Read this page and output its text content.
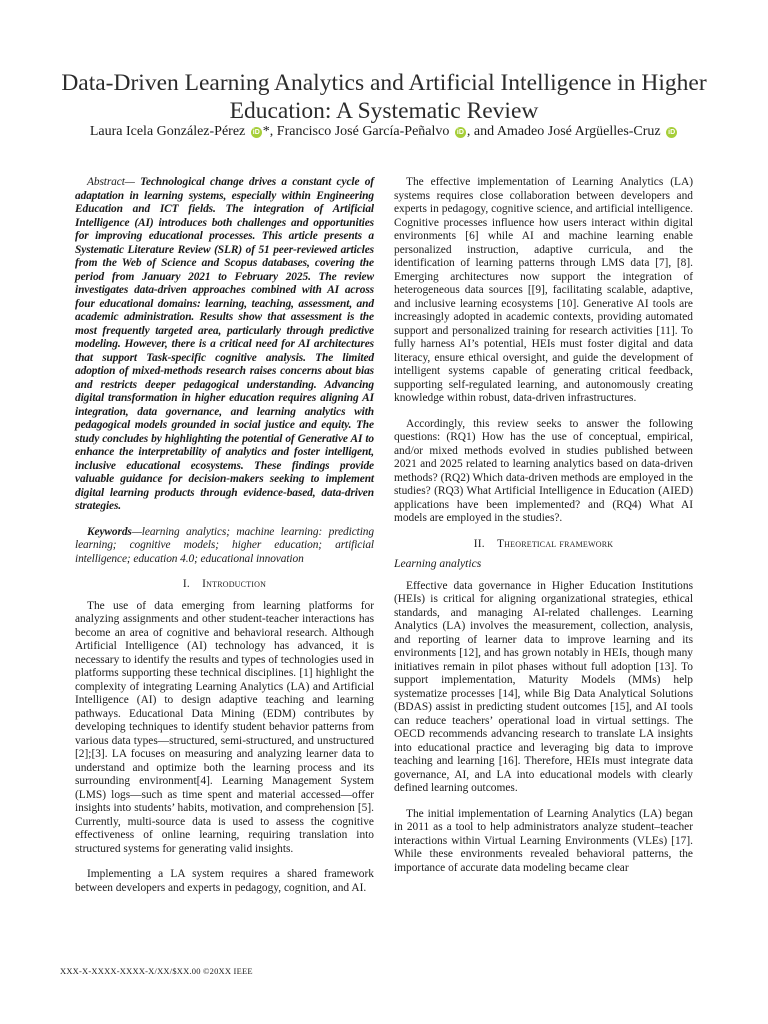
Data-Driven Learning Analytics and Artificial Intelligence in Higher
Education: A Systematic Review
Laura Icela González-Pérez iD *, Francisco José García-Peñalvo iD , and Amadeo José Argüelles-Cruz iD

Abstract— Technological change drives a constant cycle of adaptation in learning systems, especially within Engineering Education and ICT fields. The integration of Artificial Intelligence (AI) introduces both challenges and opportunities for improving educational processes. This article presents a Systematic Literature Review (SLR) of 51 peer-reviewed articles from the Web of Science and Scopus databases, covering the period from January 2021 to February 2025. The review investigates data-driven approaches combined with AI across four educational domains: learning, teaching, assessment, and academic administration. Results show that assessment is the most frequently targeted area, particularly through predictive modeling. However, there is a critical need for AI architectures that support Task-specific cognitive analysis. The limited adoption of mixed-methods research raises concerns about bias and restricts deeper pedagogical understanding. Advancing digital transformation in higher education requires aligning AI integration, data governance, and learning analytics with pedagogical models grounded in social justice and equity. The study concludes by highlighting the potential of Generative AI to enhance the interpretability of analytics and foster intelligent, inclusive educational ecosystems. These findings provide valuable guidance for decision-makers seeking to implement digital learning products through evidence-based, data-driven strategies.

Keywords—learning analytics; machine learning: predicting learning; cognitive models; higher education; artificial intelligence; education 4.0; educational innovation

I. Introduction

The use of data emerging from learning platforms for analyzing assignments and other student-teacher interactions has become an area of cognitive and behavioral research. Although Artificial Intelligence (AI) technology has advanced, it is necessary to identify the results and types of technologies used in platforms supporting these technical disciplines. [1] highlight the complexity of integrating Learning Analytics (LA) and Artificial Intelligence (AI) to design adaptive teaching and learning pathways. Educational Data Mining (EDM) contributes by developing techniques to identify student behavior patterns from various data types—structured, semi-structured, and unstructured [2];[3]. LA focuses on measuring and analyzing learner data to understand and optimize both the learning process and its surrounding environment[4]. Learning Management System (LMS) logs—such as time spent and material accessed—offer insights into students’ habits, motivation, and comprehension [5]. Currently, multi-source data is used to assess the cognitive effectiveness of online learning, requiring translation into structured systems for generating valid insights.

Implementing a LA system requires a shared framework between developers and experts in pedagogy, cognition, and AI.

The effective implementation of Learning Analytics (LA) systems requires close collaboration between developers and experts in pedagogy, cognitive science, and artificial intelligence. Cognitive processes influence how users interact within digital environments [6] while AI and machine learning enable personalized instruction, adaptive curricula, and the identification of learning patterns through LMS data [7], [8]. Emerging architectures now support the integration of heterogeneous data sources [[9], facilitating scalable, adaptive, and inclusive learning ecosystems [10]. Generative AI tools are increasingly adopted in academic contexts, providing automated support and personalized training for research activities [11]. To fully harness AI’s potential, HEIs must foster digital and data literacy, ensure ethical oversight, and guide the development of intelligent systems capable of generating critical feedback, supporting self-regulated learning, and autonomously creating knowledge within robust, data-driven infrastructures.

Accordingly, this review seeks to answer the following questions: (RQ1) How has the use of conceptual, empirical, and/or mixed methods evolved in studies published between 2021 and 2025 related to learning analytics based on data-driven methods? (RQ2) Which data-driven methods are employed in the studies? (RQ3) What Artificial Intelligence in Education (AIED) applications have been implemented? and (RQ4) What AI models are employed in the studies?.

II. Theoretical framework
Learning analytics

Effective data governance in Higher Education Institutions (HEIs) is critical for aligning organizational strategies, ethical standards, and managing AI-related challenges. Learning Analytics (LA) involves the measurement, collection, analysis, and reporting of learner data to improve learning and its environments [12], and has grown notably in HEIs, though many initiatives remain in pilot phases without full adoption [13]. To support implementation, Maturity Models (MMs) help systematize processes [14], while Big Data Analytical Solutions (BDAS) assist in predicting student outcomes [15], and AI tools can reduce teachers’ operational load in virtual settings. The OECD recommends advancing research to translate LA insights into educational practice and leveraging big data to improve teaching and learning [16]. Therefore, HEIs must integrate data governance, AI, and LA into educational models with clearly defined learning outcomes.

The initial implementation of Learning Analytics (LA) began in 2011 as a tool to help administrators analyze student–teacher interactions within Virtual Learning Environments (VLEs) [17]. While these environments revealed behavioral patterns, the importance of accurate data modeling became clear

XXX-X-XXXX-XXXX-X/XX/$XX.00 ©20XX IEEE
